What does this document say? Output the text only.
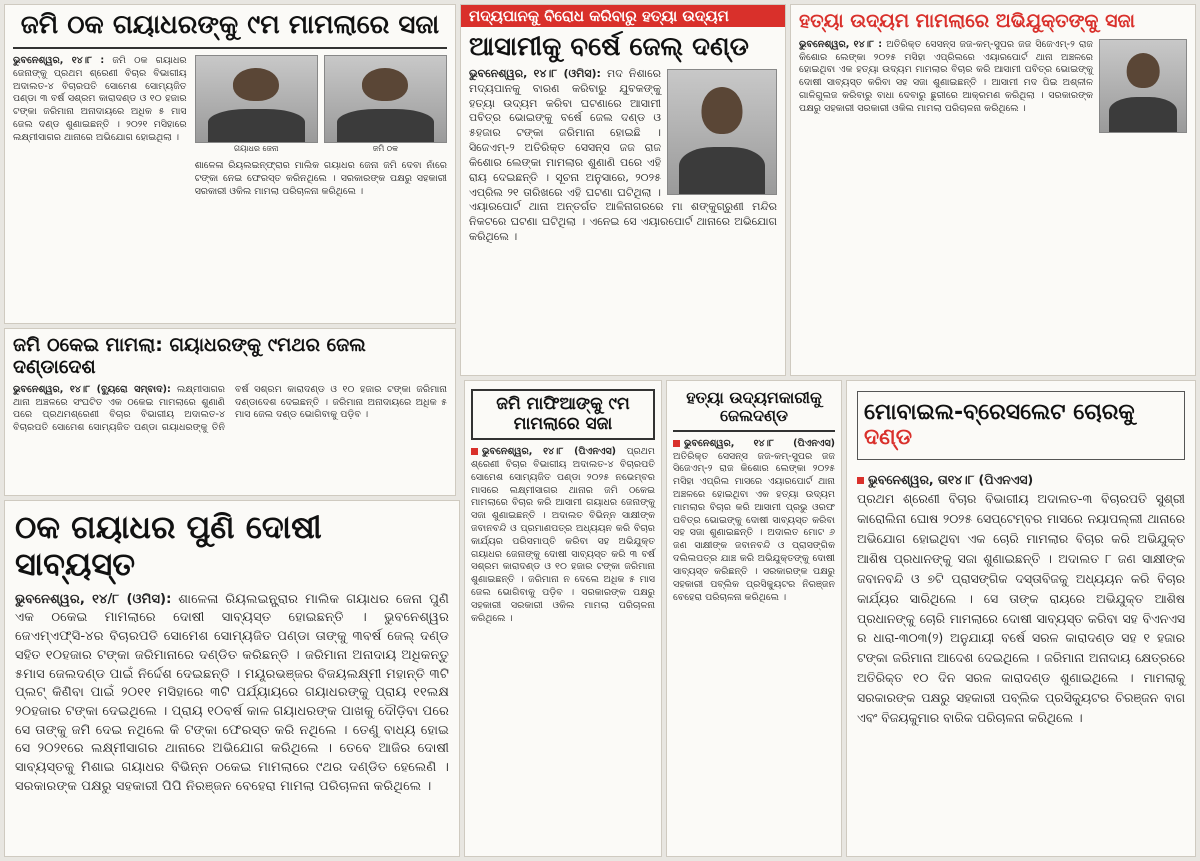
ଜମି ଠକ ଗୟାଧରଙ୍କୁ ୯ମ ମାମଲାରେ ସଜା

ଭୁବନେଶ୍ୱର, ୧୪।୮ : ଜମି ଠକ ଗୟାଧର ଜେନାଙ୍କୁ ପ୍ରଥମ ଶ୍ରେଣୀ ବିଚାର ବିଭାଗୀୟ ଅଦାଲତ-୪ ବିଚାରପତି ସୋମେଶ ସୋମ୍ୟଜିତ ପଣ୍ଡା ୩ ବର୍ଷ ସଶ୍ରମ କାରାଦଣ୍ଡ ଓ ୧୦ ହଜାର ଟଙ୍କା ଜରିମାନା ଅନାଦାୟରେ ଅଧିକ ୫ ମାସ ଜେଲ ଦଣ୍ଡ ଶୁଣାଇଛନ୍ତି । ୨୦୨୧ ମସିହାରେ ଲକ୍ଷ୍ମୀସାଗର ଥାନାରେ ଅଭିଯୋଗ ହୋଇଥିଲା ।

ଗୟାଧର ଜେନା	ଜମି ଠକ

ଶାଳେଳା ରିୟଲଇନ୍‌ଫ୍ରାର ମାଲିକ ଗୟାଧର ଜେନା ଜମି ଦେବା ନାଁରେ ଟଙ୍କା ନେଇ ଫେରସ୍ତ କରିନଥିଲେ । ସରକାରଙ୍କ ପକ୍ଷରୁ ସହକାରୀ ସରକାରୀ ଓକିଲ ମାମଲା ପରିଚାଳନା କରିଥିଲେ ।

ମଦ୍ୟପାନକୁ ବିରୋଧ କରିବାରୁ ହତ୍ୟା ଉଦ୍ୟମ
ଆସାମୀକୁ ବର୍ଷେ ଜେଲ୍ ଦଣ୍ଡ

ଭୁବନେଶ୍ୱର, ୧୪।୮ (ଓମିସ): ମଦ ନିଶାରେ ମଦ୍ୟପାନକୁ ବାରଣ କରିବାରୁ ଯୁବକଙ୍କୁ ହତ୍ୟା ଉଦ୍ୟମ କରିବା ଘଟଣାରେ ଆସାମୀ ପବିତ୍ର ଭୋଇଙ୍କୁ ବର୍ଷେ ଜେଲ ଦଣ୍ଡ ଓ ୫ହଜାର ଟଙ୍କା ଜରିମାନା ହୋଇଛି । ସିଜେଏମ୍-୨ ଅତିରିକ୍ତ ସେସନ୍ସ ଜଜ ରାଜ କିଶୋର ଲେଙ୍କା ମାମଲାର ଶୁଣାଣି ପରେ ଏହି ରାୟ ଦେଇଛନ୍ତି । ସୂଚନା ଅନୁସାରେ, ୨୦୨୫ ଏପ୍ରିଲ ୨୧ ତାରିଖରେ ଏହି ଘଟଣା ଘଟିଥିଲା । ଏୟାରପୋର୍ଟ ଥାନା ଅନ୍ତର୍ଗତ ଆଳିନାଗରରେ ମା ଶଙ୍କୁଗ୍ରୁଣୀ ମନ୍ଦିର ନିକଟରେ ଘଟଣା ଘଟିଥିଲା । ଏନେଇ ସେ ଏୟାରପୋର୍ଟ ଥାନାରେ ଅଭିଯୋଗ କରିଥିଲେ ।

ହତ୍ୟା ଉଦ୍ୟମ ମାମଲାରେ ଅଭିଯୁକ୍ତଙ୍କୁ ସଜା

ଭୁବନେଶ୍ୱର, ୧୪।୮ : ଅତିରିକ୍ତ ସେସନ୍ସ ଜଜ-କମ୍-ସୁପର ଜଜ ସିଜେଏମ୍-୨ ରାଜ କିଶୋର ଲେଙ୍କା ୨୦୨୫ ମସିହା ଏପ୍ରିଲରେ ଏୟାରପୋର୍ଟ ଥାନା ଅଞ୍ଚଳରେ ହୋଇଥିବା ଏକ ହତ୍ୟା ଉଦ୍ୟମ ମାମଲାର ବିଚାର କରି ଆସାମୀ ପବିତ୍ର ଭୋଇଙ୍କୁ ଦୋଷୀ ସାବ୍ୟସ୍ତ କରିବା ସହ ସଜା ଶୁଣାଇଛନ୍ତି । ଆସାମୀ ମଦ ପିଇ ଅଶ୍ଳୀଳ ଗାଳିଗୁଲଜ କରିବାରୁ ବାଧା ଦେବାରୁ ଛୁରୀରେ ଆକ୍ରମଣ କରିଥିଲା । ସରକାରଙ୍କ ପକ୍ଷରୁ ସହକାରୀ ସରକାରୀ ଓକିଲ ମାମଲା ପରିଚାଳନା କରିଥିଲେ ।

ଜମି ଠକେଇ ମାମଲା: ଗୟାଧରଙ୍କୁ ୯ମଥର ଜେଲ ଦଣ୍ଡାଦେଶ

ଭୁବନେଶ୍ୱର, ୧୪।୮ (ବ୍ୟୁରୋ ସମ୍ବାଦ): ଲକ୍ଷ୍ମୀସାଗର ଥାନା ଅଞ୍ଚଳରେ ସଂଘଟିତ ଏକ ଠକେଇ ମାମଲାରେ ଶୁଣାଣି ପରେ ପ୍ରଥମଶ୍ରେଣୀ ବିଚାର ବିଭାଗୀୟ ଅଦାଲତ-୪ ବିଚାରପତି ସୋମେଶ ସୋମ୍ୟଜିତ ପଣ୍ଡା ଗୟାଧରଙ୍କୁ ତିନି ବର୍ଷ ସଶ୍ରମ କାରାଦଣ୍ଡ ଓ ୧୦ ହଜାର ଟଙ୍କା ଜରିମାନା ଦଣ୍ଡାଦେଶ ଦେଇଛନ୍ତି । ଜରିମାନା ଅନାଦାୟରେ ଅଧିକ ୫ ମାସ ଜେଲ ଦଣ୍ଡ ଭୋଗିବାକୁ ପଡ଼ିବ ।

ଠକ ଗୟାଧର ପୁଣି ଦୋଷୀ ସାବ୍ୟସ୍ତ

ଭୁବନେଶ୍ୱର, ୧୪/୮ (ଓମିସ): ଶାଳେଳା ରିୟଲଇନ୍ଫ୍ରାର ମାଲିକ ଗୟାଧର ଜେନା ପୁଣି ଏକ ଠକେଇ ମାମଲାରେ ଦୋଷୀ ସାବ୍ୟସ୍ତ ହୋଇଛନ୍ତି । ଭୁବନେଶ୍ୱର ଜେଏମ୍‌ଏଫ୍‌ସି-୪ର ବିଚାରପତି ସୋମେଶ ସୋମ୍ୟଜିତ ପଣ୍ଡା ତାଙ୍କୁ ୩ବର୍ଷ ଜେଲ୍ ଦଣ୍ଡ ସହିତ ୧୦ହଜାର ଟଙ୍କା ଜରିମାନାରେ ଦଣ୍ଡିତ କରିଛନ୍ତି । ଜରିମାନା ଅନାଦାୟ ଅଧିକନ୍ତୁ ୫ମାସ ଜେଲଦଣ୍ଡ ପାଇଁ ନିର୍ଦ୍ଦେଶ ଦେଇଛନ୍ତି । ମୟୂରଭଞ୍ଜର ବିଜୟଲକ୍ଷ୍ମୀ ମହାନ୍ତି ୩ଟି ପ୍ଲଟ୍ କିଣିବା ପାଇଁ ୨୦୧୧ ମସିହାରେ ୩ଟି ପର୍ଯ୍ୟାୟରେ ଗୟାଧରଙ୍କୁ ପ୍ରାୟ ୧୧ଲକ୍ଷ ୨୦ହଜାର ଟଙ୍କା ଦେଇଥିଲେ । ପ୍ରାୟ ୧୦ବର୍ଷ କାଳ ଗୟାଧରଙ୍କ ପାଖକୁ ଦୌଡ଼ିବା ପରେ ସେ ତାଙ୍କୁ ଜମି ଦେଇ ନଥିଲେ କି ଟଙ୍କା ଫେରସ୍ତ କରି ନଥିଲେ । ତେଣୁ ବାଧ୍ୟ ହୋଇ ସେ ୨୦୨୧ରେ ଲକ୍ଷ୍ମୀସାଗର ଥାନାରେ ଅଭିଯୋଗ କରିଥିଲେ । ତେବେ ଆଜିର ଦୋଷୀ ସାବ୍ୟସ୍ତକୁ ମିଶାଇ ଗୟାଧର ବିଭିନ୍ନ ଠକେଇ ମାମଲାରେ ୯ଥର ଦଣ୍ଡିତ ହେଲେଣି । ସରକାରଙ୍କ ପକ୍ଷରୁ ସହକାରୀ ପିପି ନିରଞ୍ଜନ ବେହେରା ମାମଲା ପରିଚାଳନା କରିଥିଲେ ।

ଜମି ମାଫିଆଙ୍କୁ ୯ମ
ମାମଲାରେ ସଜା

ଭୁବନେଶ୍ୱର, ୧୪।୮ (ପିଏନଏସ) ପ୍ରଥମ ଶ୍ରେଣୀ ବିଚାର ବିଭାଗୀୟ ଅଦାଲତ-୪ ବିଚାରପତି ସୋମେଶ ସୋମ୍ୟଜିତ ପଣ୍ଡା ୨୦୨୫ ନଭେମ୍ବର ମାସରେ ଲକ୍ଷ୍ମୀସାଗର ଥାନାର ଜମି ଠକେଇ ମାମଲାରେ ବିଚାର କରି ଆସାମୀ ଗୟାଧର ଜେନାଙ୍କୁ ସଜା ଶୁଣାଇଛନ୍ତି । ଅଦାଲତ ବିଭିନ୍ନ ସାକ୍ଷୀଙ୍କ ଜବାନବନ୍ଦି ଓ ପ୍ରମାଣପତ୍ର ଅଧ୍ୟୟନ କରି ବିଚାର କାର୍ଯ୍ୟର ପରିସମାପ୍ତି କରିବା ସହ ଅଭିଯୁକ୍ତ ଗୟାଧର ଜେନାଙ୍କୁ ଦୋଷୀ ସାବ୍ୟସ୍ତ କରି ୩ ବର୍ଷ ସଶ୍ରମ କାରାଦଣ୍ଡ ଓ ୧୦ ହଜାର ଟଙ୍କା ଜରିମାନା ଶୁଣାଇଛନ୍ତି । ଜରିମାନା ନ ଦେଲେ ଅଧିକ ୫ ମାସ ଜେଲ ଭୋଗିବାକୁ ପଡ଼ିବ । ସରକାରଙ୍କ ପକ୍ଷରୁ ସହକାରୀ ସରକାରୀ ଓକିଲ ମାମଲା ପରିଚାଳନା କରିଥିଲେ ।

ହତ୍ୟା ଉଦ୍ୟମକାରୀକୁ
ଜେଲଦଣ୍ଡ

ଭୁବନେଶ୍ୱର, ୧୪।୮ (ପିଏନଏସ) ଅତିରିକ୍ତ ସେସନ୍ସ ଜଜ-କମ୍-ସୁପର ଜଜ ସିଜେଏମ୍-୨ ରାଜ କିଶୋର ଲେଙ୍କା ୨୦୨୫ ମସିହା ଏପ୍ରିଲ ମାସରେ ଏୟାରପୋର୍ଟ ଥାନା ଅଞ୍ଚଳରେ ହୋଇଥିବା ଏକ ହତ୍ୟା ଉଦ୍ୟମ ମାମଲାର ବିଚାର କରି ଆସାମୀ ପ୍ରଭୁ ଓରଫ ପବିତ୍ର ଭୋଇଙ୍କୁ ଦୋଷୀ ସାବ୍ୟସ୍ତ କରିବା ସହ ସଜା ଶୁଣାଇଛନ୍ତି । ଅଦାଲତ ମୋଟ ୬ ଜଣ ସାକ୍ଷୀଙ୍କ ଜବାନବନ୍ଦି ଓ ପ୍ରାସଙ୍ଗିକ ଦଲିଲପତ୍ର ଯାଞ୍ଚ କରି ଅଭିଯୁକ୍ତଙ୍କୁ ଦୋଷୀ ସାବ୍ୟସ୍ତ କରିଛନ୍ତି । ସରକାରଙ୍କ ପକ୍ଷରୁ ସହକାରୀ ପବ୍ଲିକ ପ୍ରସିକ୍ୟୁଟର ନିରଞ୍ଜନ ବେହେରା ପରିଚାଳନା କରିଥିଲେ ।

ମୋବାଇଲ-ବ୍ରେସଲେଟ ଚୋରକୁ ଦଣ୍ଡ

ଭୁବନେଶ୍ୱର, ତା୧୪।୮ (ପିଏନଏସ)
ପ୍ରଥମ ଶ୍ରେଣୀ ବିଚାର ବିଭାଗୀୟ ଅଦାଲତ-୩ ବିଚାରପତି ସୁଶ୍ରୀ କାରୋଲିନା ଘୋଷ ୨୦୨୫ ସେପ୍ଟେମ୍ବର ମାସରେ ନୟାପଲ୍ଲୀ ଥାନାରେ ଅଭିଯୋଗ ହୋଇଥିବା ଏକ ଚୋରି ମାମଲାର ବିଚାର କରି ଅଭିଯୁକ୍ତ ଆଶିଷ ପ୍ରଧାନଙ୍କୁ ସଜା ଶୁଣାଇଛନ୍ତି । ଅଦାଲତ ୮ ଜଣ ସାକ୍ଷୀଙ୍କ ଜବାନବନ୍ଦି ଓ ୭ଟି ପ୍ରାସଙ୍ଗିକ ଦସ୍ତାବିଜକୁ ଅଧ୍ୟୟନ କରି ବିଚାର କାର୍ଯ୍ୟର ସାରିଥିଲେ । ସେ ତାଙ୍କ ରାୟରେ ଅଭିଯୁକ୍ତ ଆଶିଷ ପ୍ରଧାନଙ୍କୁ ଚୋରି ମାମଲାରେ ଦୋଷୀ ସାବ୍ୟସ୍ତ କରିବା ସହ ବିଏନଏସ ର ଧାରା-୩୦୩(୨) ଅନୁଯାୟୀ ବର୍ଷେ ସରଳ କାରାଦଣ୍ଡ ସହ ୧ ହଜାର ଟଙ୍କା ଜରିମାନା ଆଦେଶ ଦେଇଥିଲେ । ଜରିମାନା ଅନାଦାୟ କ୍ଷେତ୍ରରେ ଅତିରିକ୍ତ ୧୦ ଦିନ ସରଳ କାରାଦଣ୍ଡ ଶୁଣାଇଥିଲେ । ମାମଲାକୁ ସରକାରଙ୍କ ପକ୍ଷରୁ ସହକାରୀ ପବ୍ଲିକ ପ୍ରସିକ୍ୟୁଟର ଚିରଞ୍ଜନ ବାଗ ଏବଂ ବିଜୟକୁମାର ବାରିକ ପରିଚାଳନା କରିଥିଲେ ।
